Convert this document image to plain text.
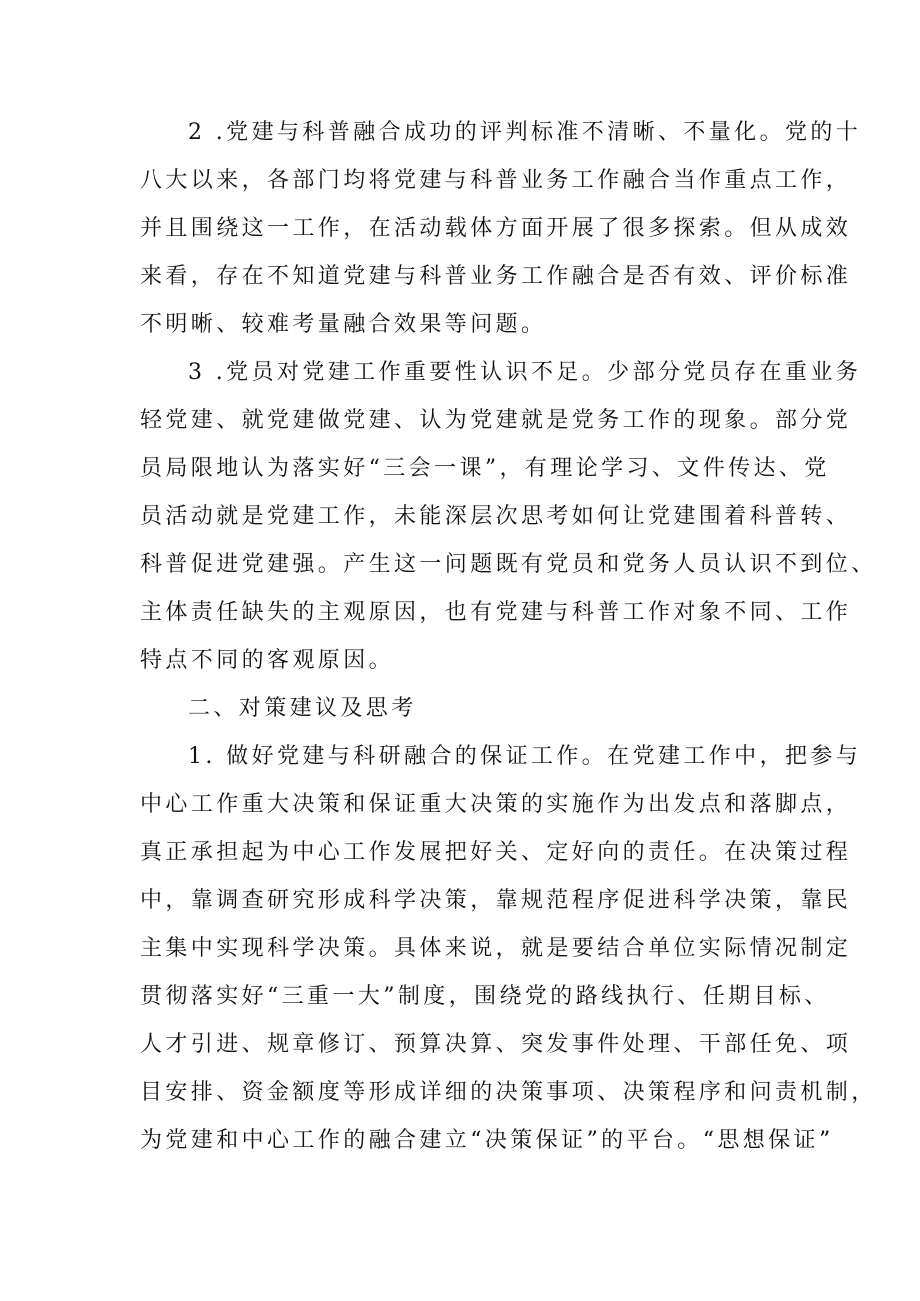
2 .党建与科普融合成功的评判标准不清晰、不量化。党的十
八大以来，各部门均将党建与科普业务工作融合当作重点工作，
并且围绕这一工作，在活动载体方面开展了很多探索。但从成效
来看，存在不知道党建与科普业务工作融合是否有效、评价标准
不明晰、较难考量融合效果等问题。
3 .党员对党建工作重要性认识不足。少部分党员存在重业务
轻党建、就党建做党建、认为党建就是党务工作的现象。部分党
员局限地认为落实好“三会一课”，有理论学习、文件传达、党
员活动就是党建工作，未能深层次思考如何让党建围着科普转、
科普促进党建强。产生这一问题既有党员和党务人员认识不到位、
主体责任缺失的主观原因，也有党建与科普工作对象不同、工作
特点不同的客观原因。
二、对策建议及思考
1. 做好党建与科研融合的保证工作。在党建工作中，把参与
中心工作重大决策和保证重大决策的实施作为出发点和落脚点，
真正承担起为中心工作发展把好关、定好向的责任。在决策过程
中，靠调查研究形成科学决策，靠规范程序促进科学决策，靠民
主集中实现科学决策。具体来说，就是要结合单位实际情况制定
贯彻落实好“三重一大”制度，围绕党的路线执行、任期目标、
人才引进、规章修订、预算决算、突发事件处理、干部任免、项
目安排、资金额度等形成详细的决策事项、决策程序和问责机制，
为党建和中心工作的融合建立“决策保证”的平台。“思想保证”
